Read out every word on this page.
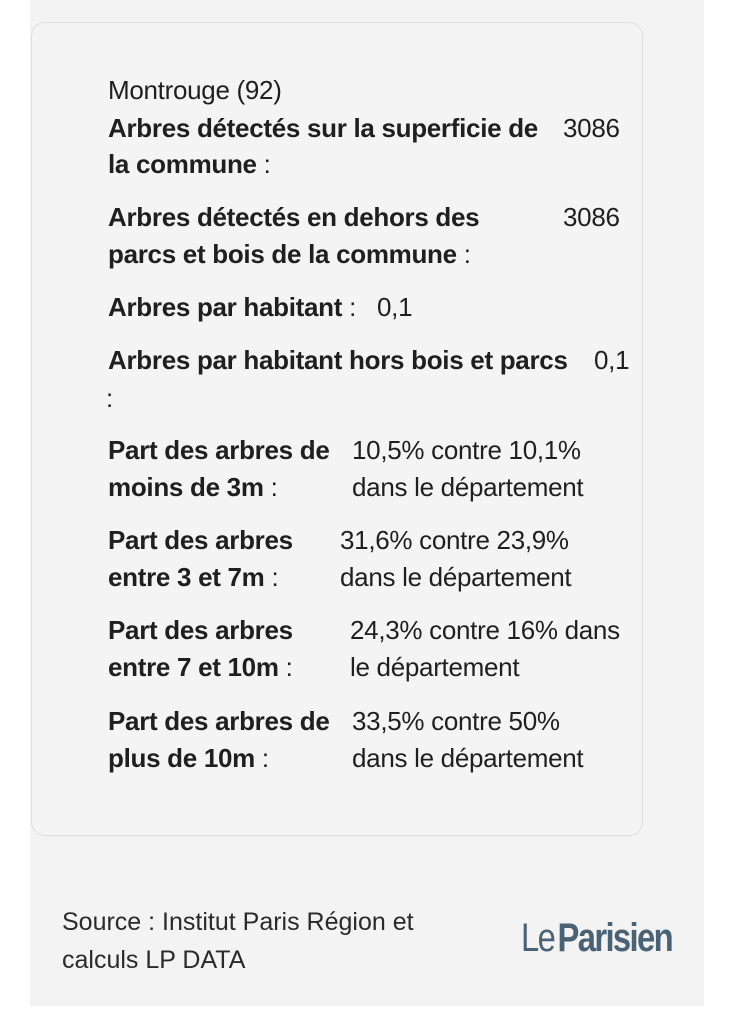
Montrouge (92)
Arbres détectés sur la superficie de 3086
la commune :
Arbres détectés en dehors des	3086
parcs et bois de la commune :
Arbres par habitant : 0,1
Arbres par habitant hors bois et parcs 0,1
:
Part des arbres de
moins de 3m :
10,5% contre 10,1%
dans le département
Part des arbres
entre 3 et 7m :
31,6% contre 23,9%
dans le département
Part des arbres
entre 7 et 10m :
24,3% contre 16% dans
le département
Part des arbres de
plus de 10m :
33,5% contre 50%
dans le département
Source : Institut Paris Région et
calculs LP DATA	LeParisien
